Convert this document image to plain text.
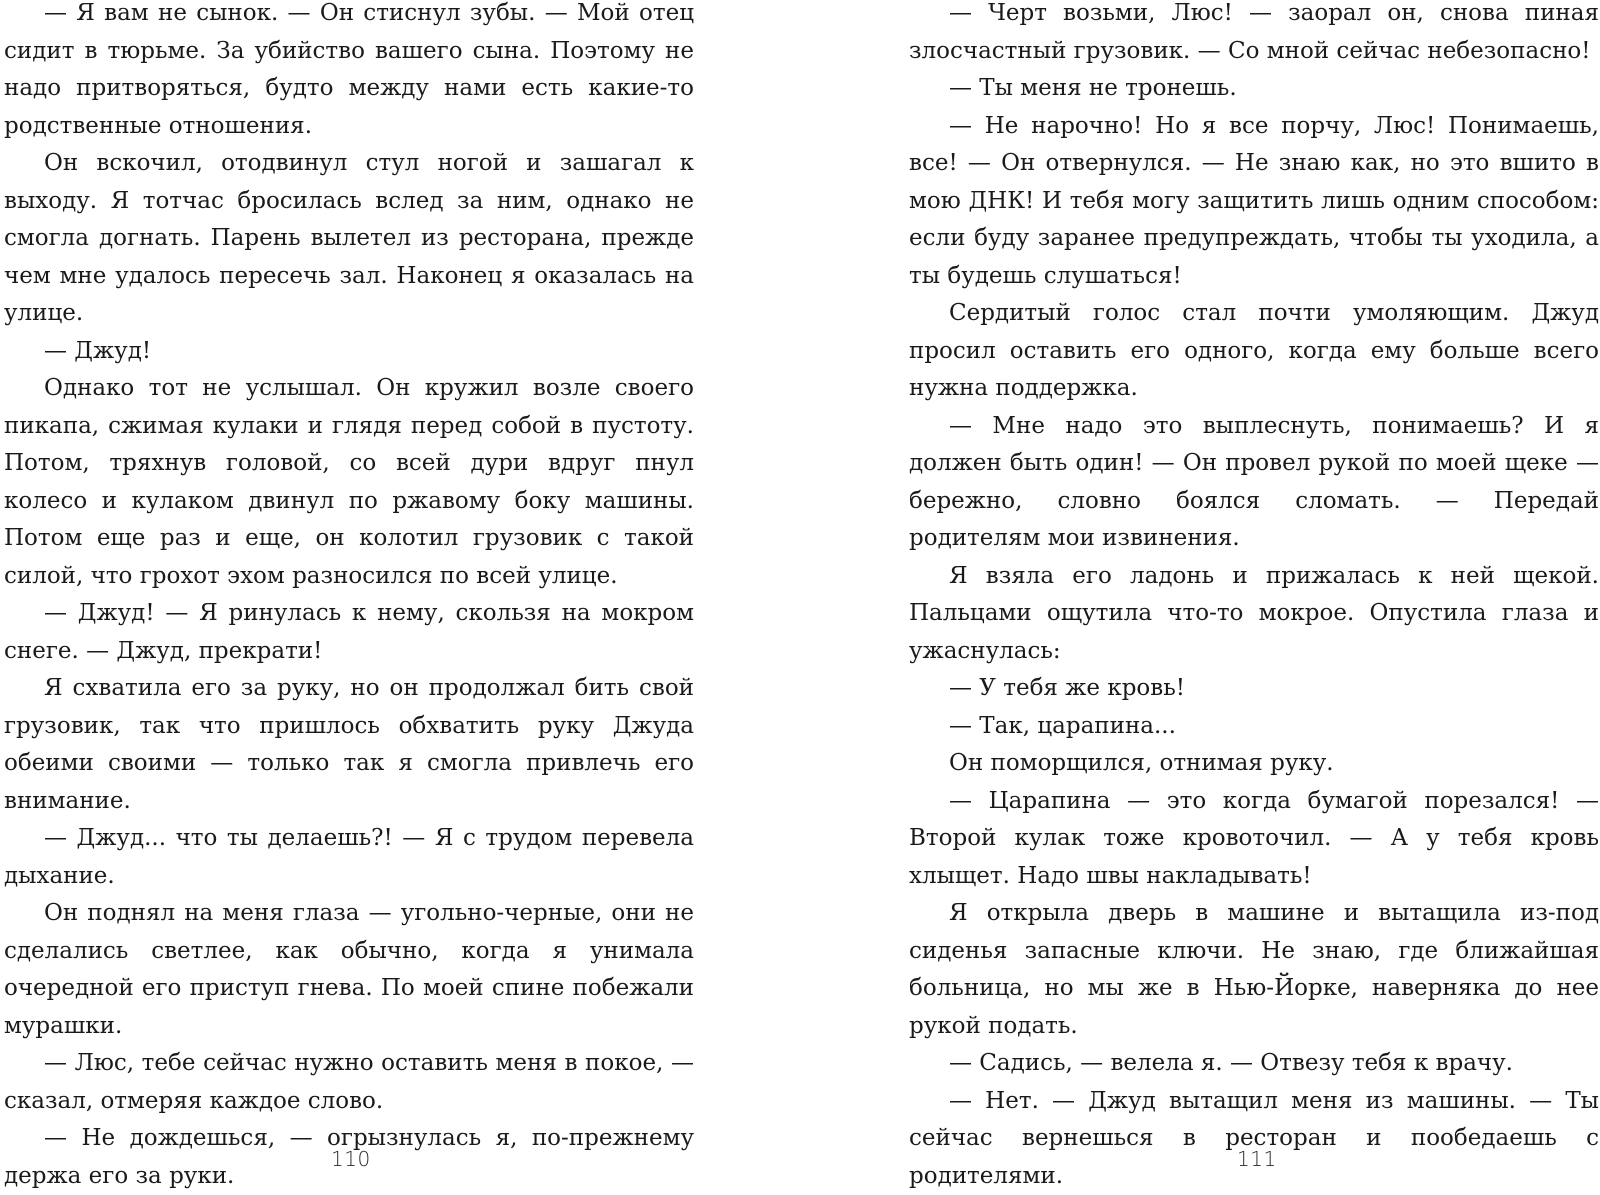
— Я вам не сынок. — Он стиснул зубы. — Мой отец сидит в тюрьме. За убийство вашего сына. Поэтому не надо притворяться, будто между нами есть какие-то родственные отношения.

Он вскочил, отодвинул стул ногой и зашагал к выходу. Я тотчас бросилась вслед за ним, однако не смогла догнать. Парень вылетел из ресторана, прежде чем мне удалось пересечь зал. Наконец я оказалась на улице.

— Джуд!

Однако тот не услышал. Он кружил возле своего пикапа, сжимая кулаки и глядя перед собой в пустоту. Потом, тряхнув головой, со всей дури вдруг пнул колесо и кулаком двинул по ржавому боку машины. Потом еще раз и еще, он колотил грузовик с такой силой, что грохот эхом разносился по всей улице.

— Джуд! — Я ринулась к нему, скользя на мокром снеге. — Джуд, прекрати!

Я схватила его за руку, но он продолжал бить свой грузовик, так что пришлось обхватить руку Джуда обеими своими — только так я смогла привлечь его внимание.

— Джуд... что ты делаешь?! — Я с трудом перевела дыхание.

Он поднял на меня глаза — угольно-черные, они не сделались светлее, как обычно, когда я унимала очередной его приступ гнева. По моей спине побежали мурашки.

— Люс, тебе сейчас нужно оставить меня в покое, — сказал, отмеряя каждое слово.

— Не дождешься, — огрызнулась я, по-прежнему держа его за руки.

110

— Черт возьми, Люс! — заорал он, снова пиная злосчастный грузовик. — Со мной сейчас небезопасно!

— Ты меня не тронешь.

— Не нарочно! Но я все порчу, Люс! Понимаешь, все! — Он отвернулся. — Не знаю как, но это вшито в мою ДНК! И тебя могу защитить лишь одним способом: если буду заранее предупреждать, чтобы ты уходила, а ты будешь слушаться!

Сердитый голос стал почти умоляющим. Джуд просил оставить его одного, когда ему больше всего нужна поддержка.

— Мне надо это выплеснуть, понимаешь? И я должен быть один! — Он провел рукой по моей щеке — бережно, словно боялся сломать. — Передай родителям мои извинения.

Я взяла его ладонь и прижалась к ней щекой. Пальцами ощутила что-то мокрое. Опустила глаза и ужаснулась:

— У тебя же кровь!

— Так, царапина...

Он поморщился, отнимая руку.

— Царапина — это когда бумагой порезался! — Второй кулак тоже кровоточил. — А у тебя кровь хлыщет. Надо швы накладывать!

Я открыла дверь в машине и вытащила из-под сиденья запасные ключи. Не знаю, где ближайшая больница, но мы же в Нью-Йорке, наверняка до нее рукой подать.

— Садись, — велела я. — Отвезу тебя к врачу.

— Нет. — Джуд вытащил меня из машины. — Ты сейчас вернешься в ресторан и пообедаешь с родителями.

111
